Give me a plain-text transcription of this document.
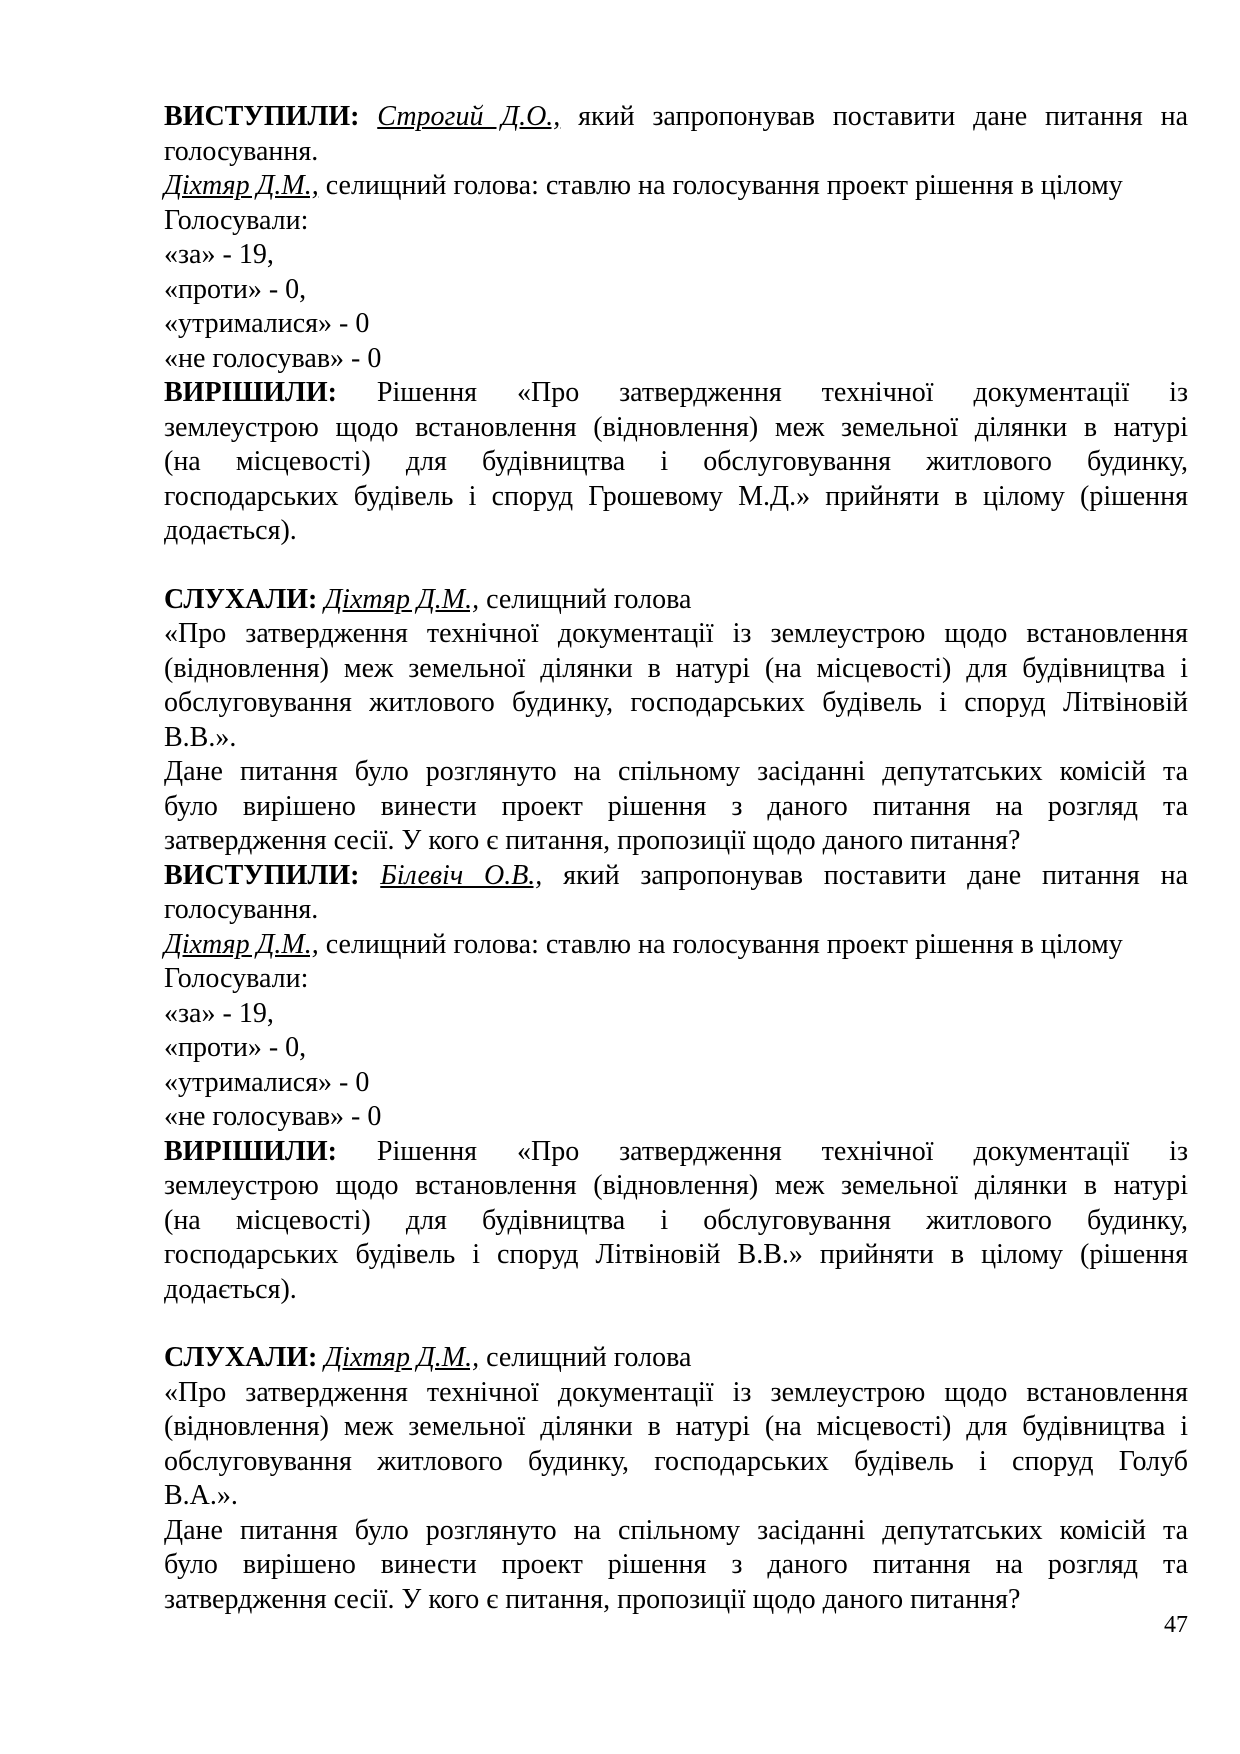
ВИСТУПИЛИ: Строгий Д.О., який запропонував поставити дане питання на
голосування.
Діхтяр Д.М., селищний голова: ставлю на голосування проект рішення в цілому
Голосували:
«за» - 19,
«проти» - 0,
«утрималися» - 0
«не голосував» - 0
ВИРІШИЛИ: Рішення «Про затвердження технічної документації із
землеустрою щодо встановлення (відновлення) меж земельної ділянки в натурі
(на місцевості) для будівництва і обслуговування житлового будинку,
господарських будівель і споруд Грошевому М.Д.» прийняти в цілому (рішення
додається).
СЛУХАЛИ: Діхтяр Д.М., селищний голова
«Про затвердження технічної документації із землеустрою щодо встановлення
(відновлення) меж земельної ділянки в натурі (на місцевості) для будівництва і
обслуговування житлового будинку, господарських будівель і споруд Літвіновій
В.В.».
Дане питання було розглянуто на спільному засіданні депутатських комісій та
було вирішено винести проект рішення з даного питання на розгляд та
затвердження сесії. У кого є питання, пропозиції щодо даного питання?
ВИСТУПИЛИ: Білевіч О.В., який запропонував поставити дане питання на
голосування.
Діхтяр Д.М., селищний голова: ставлю на голосування проект рішення в цілому
Голосували:
«за» - 19,
«проти» - 0,
«утрималися» - 0
«не голосував» - 0
ВИРІШИЛИ: Рішення «Про затвердження технічної документації із
землеустрою щодо встановлення (відновлення) меж земельної ділянки в натурі
(на місцевості) для будівництва і обслуговування житлового будинку,
господарських будівель і споруд Літвіновій В.В.» прийняти в цілому (рішення
додається).
СЛУХАЛИ: Діхтяр Д.М., селищний голова
«Про затвердження технічної документації із землеустрою щодо встановлення
(відновлення) меж земельної ділянки в натурі (на місцевості) для будівництва і
обслуговування житлового будинку, господарських будівель і споруд Голуб
В.А.».
Дане питання було розглянуто на спільному засіданні депутатських комісій та
було вирішено винести проект рішення з даного питання на розгляд та
затвердження сесії. У кого є питання, пропозиції щодо даного питання?
47
